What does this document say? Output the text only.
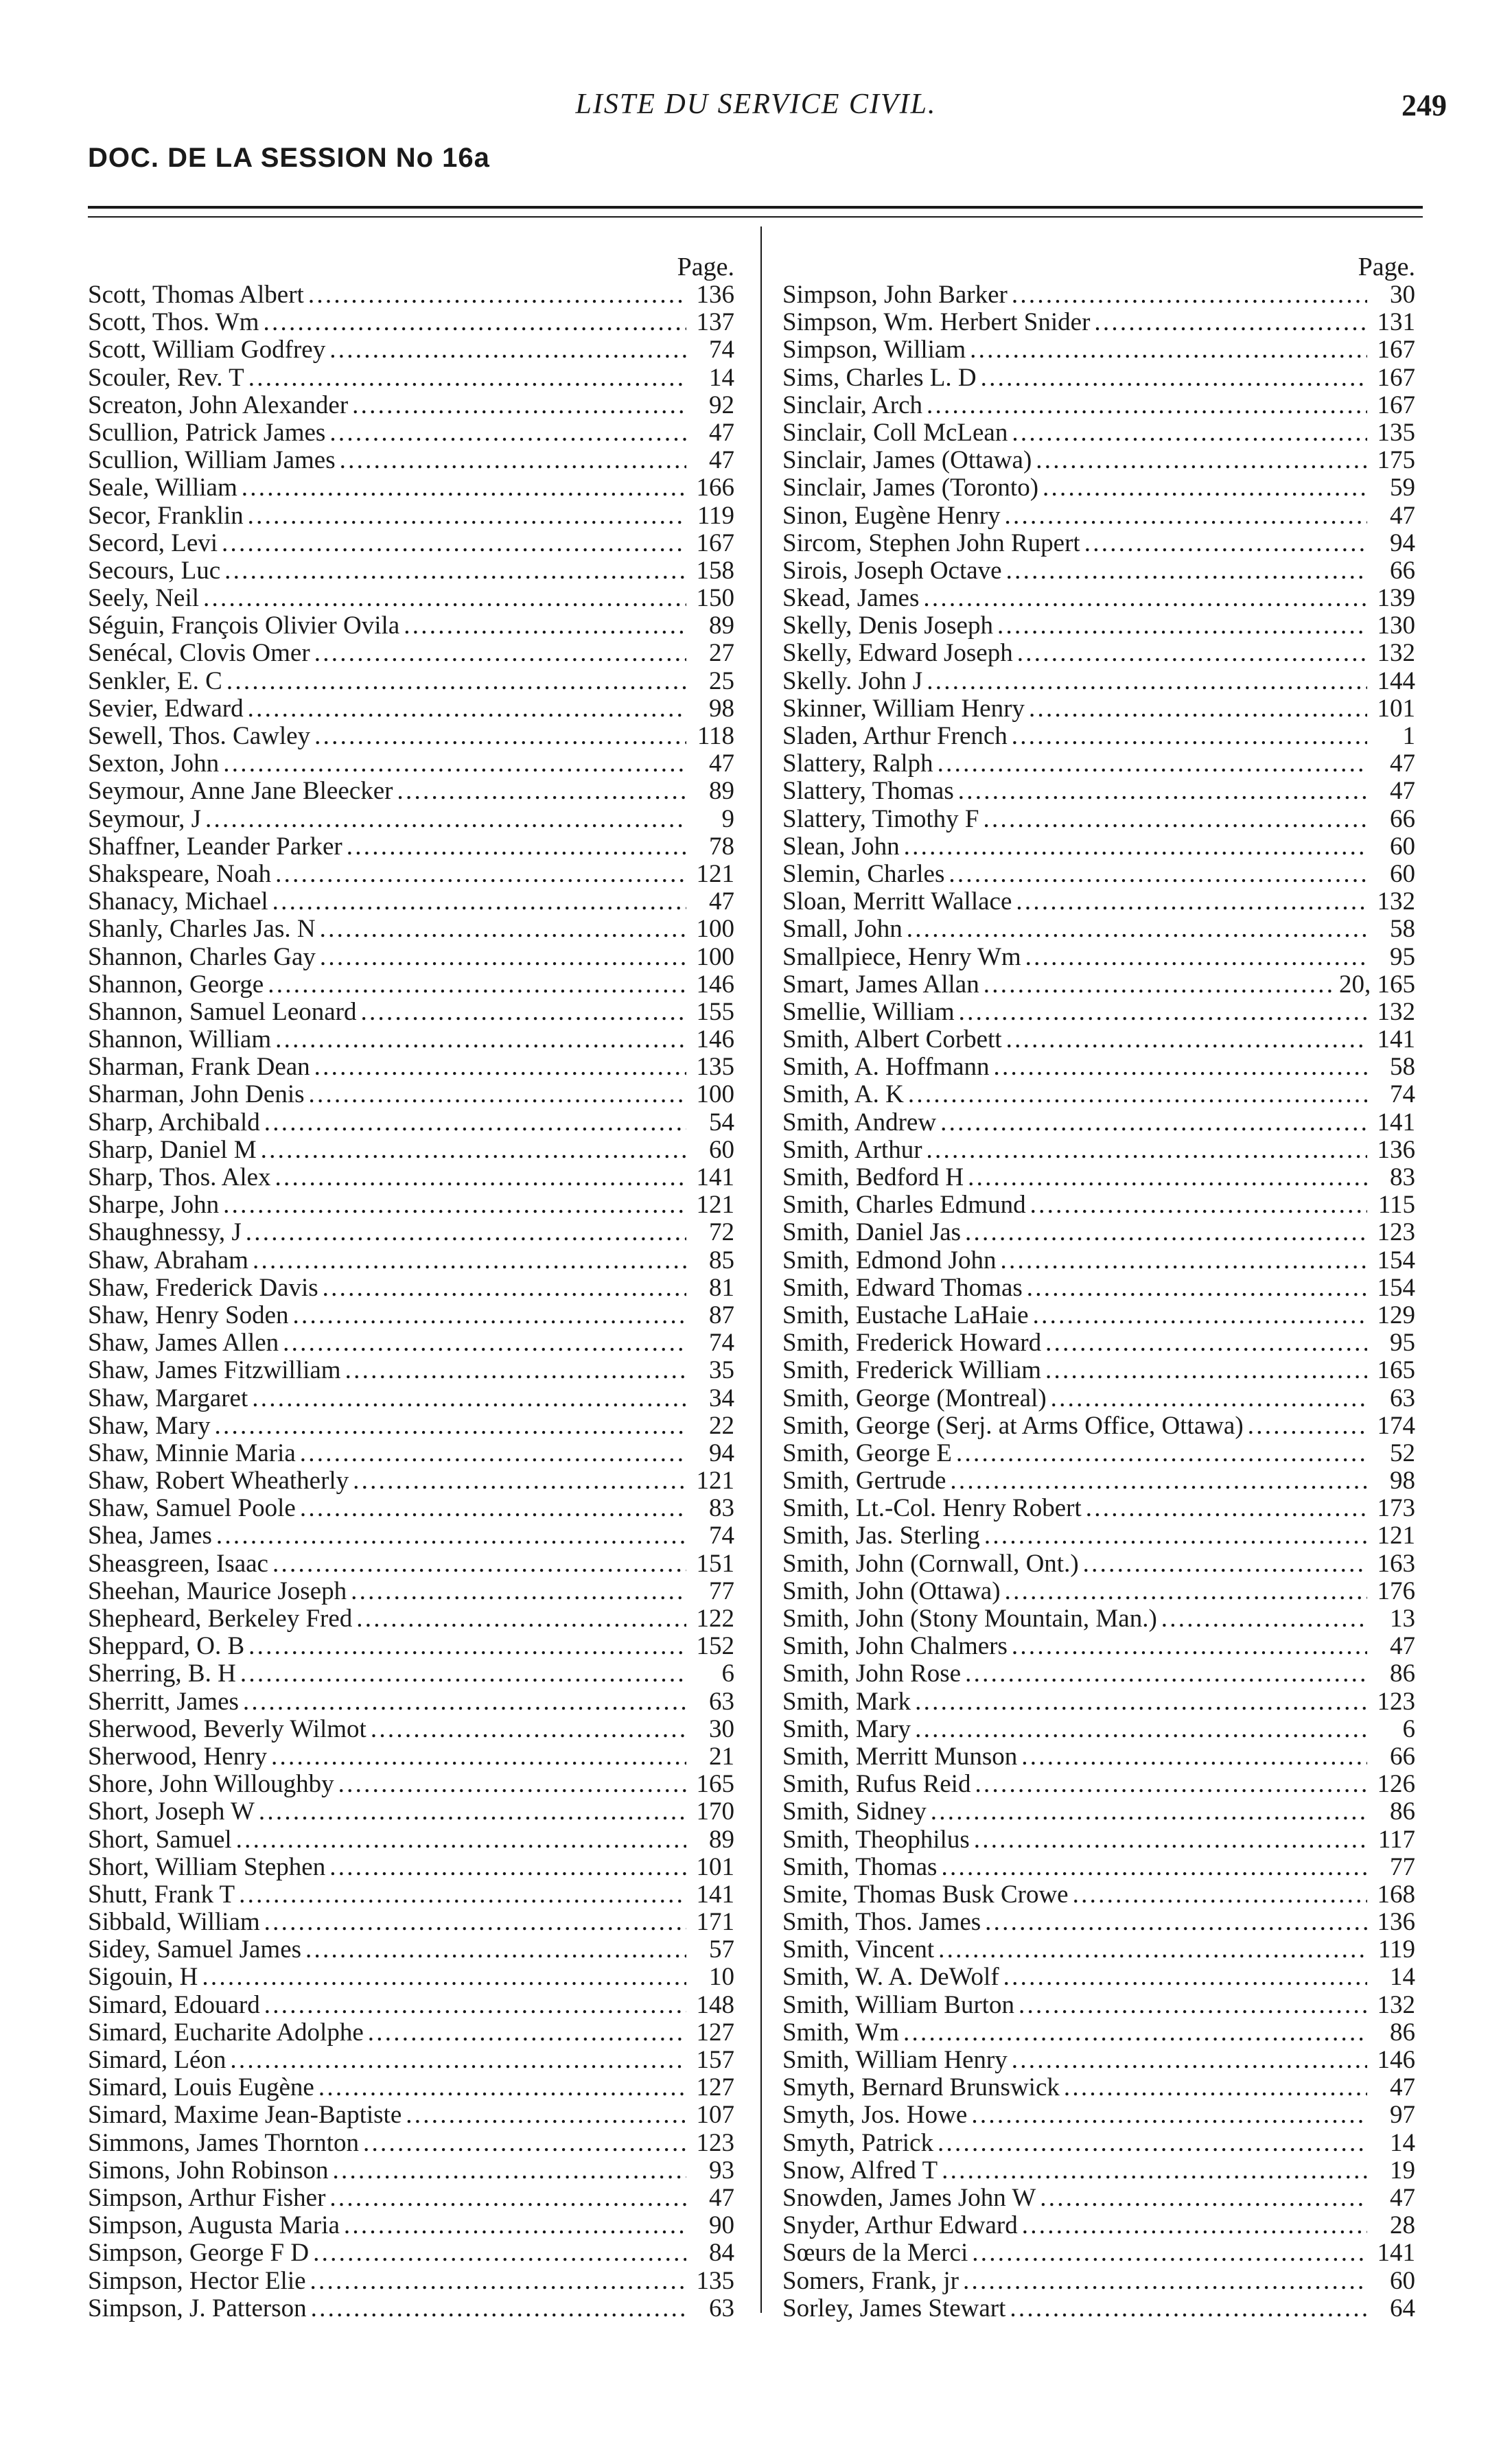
LISTE DU SERVICE CIVIL.	249
DOC. DE LA SESSION No 16a
Page.
Scott, Thomas Albert . . .	136
Scott, Thos. Wm . . .	137
Scott, William Godfrey . . .	74
Scouler, Rev. T . . .	14
Screaton, John Alexander . . .	92
Scullion, Patrick James . . .	47
Scullion, William James . . .	47
Seale, William . . .	166
Secor, Franklin . . .	119
Secord, Levi . . .	167
Secours, Luc . . .	158
Seely, Neil . . .	150
Séguin, François Olivier Ovila . . .	89
Senécal, Clovis Omer . . .	27
Senkler, E. C . . .	25
Sevier, Edward . . .	98
Sewell, Thos. Cawley . . .	118
Sexton, John . . .	47
Seymour, Anne Jane Bleecker . . .	89
Seymour, J . . .	9
Shaffner, Leander Parker . . .	78
Shakspeare, Noah . . .	121
Shanacy, Michael . . .	47
Shanly, Charles Jas. N . . .	100
Shannon, Charles Gay . . .	100
Shannon, George . . .	146
Shannon, Samuel Leonard . . .	155
Shannon, William . . .	146
Sharman, Frank Dean . . .	135
Sharman, John Denis . . .	100
Sharp, Archibald . . .	54
Sharp, Daniel M . . .	60
Sharp, Thos. Alex . . .	141
Sharpe, John . . .	121
Shaughnessy, J . . .	72
Shaw, Abraham . . .	85
Shaw, Frederick Davis . . .	81
Shaw, Henry Soden . . .	87
Shaw, James Allen . . .	74
Shaw, James Fitzwilliam . . .	35
Shaw, Margaret . . .	34
Shaw, Mary . . .	22
Shaw, Minnie Maria . . .	94
Shaw, Robert Wheatherly . . .	121
Shaw, Samuel Poole . . .	83
Shea, James . . .	74
Sheasgreen, Isaac . . .	151
Sheehan, Maurice Joseph . . .	77
Shepheard, Berkeley Fred . . .	122
Sheppard, O. B . . .	152
Sherring, B. H . . .	6
Sherritt, James . . .	63
Sherwood, Beverly Wilmot . . .	30
Sherwood, Henry . . .	21
Shore, John Willoughby . . .	165
Short, Joseph W . . .	170
Short, Samuel . . .	89
Short, William Stephen . . .	101
Shutt, Frank T . . .	141
Sibbald, William . . .	171
Sidey, Samuel James . . .	57
Sigouin, H . . .	10
Simard, Edouard . . .	148
Simard, Eucharite Adolphe . . .	127
Simard, Léon . . .	157
Simard, Louis Eugène . . .	127
Simard, Maxime Jean-Baptiste . . .	107
Simmons, James Thornton . . .	123
Simons, John Robinson . . .	93
Simpson, Arthur Fisher . . .	47
Simpson, Augusta Maria . . .	90
Simpson, George F D . . .	84
Simpson, Hector Elie . . .	135
Simpson, J. Patterson . . .	63
Page.
Simpson, John Barker . . .	30
Simpson, Wm. Herbert Snider . . .	131
Simpson, William . . .	167
Sims, Charles L. D . . .	167
Sinclair, Arch . . .	167
Sinclair, Coll McLean . . .	135
Sinclair, James (Ottawa) . . .	175
Sinclair, James (Toronto) . . .	59
Sinon, Eugène Henry . . .	47
Sircom, Stephen John Rupert . . .	94
Sirois, Joseph Octave . . .	66
Skead, James . . .	139
Skelly, Denis Joseph . . .	130
Skelly, Edward Joseph . . .	132
Skelly. John J . . .	144
Skinner, William Henry . . .	101
Sladen, Arthur French . . .	1
Slattery, Ralph . . .	47
Slattery, Thomas . . .	47
Slattery, Timothy F . . .	66
Slean, John . . .	60
Slemin, Charles . . .	60
Sloan, Merritt Wallace . . .	132
Small, John . . .	58
Smallpiece, Henry Wm . . .	95
Smart, James Allan . . .	20, 165
Smellie, William . . .	132
Smith, Albert Corbett . . .	141
Smith, A. Hoffmann . . .	58
Smith, A. K . . .	74
Smith, Andrew . . .	141
Smith, Arthur . . .	136
Smith, Bedford H . . .	83
Smith, Charles Edmund . . .	115
Smith, Daniel Jas . . .	123
Smith, Edmond John . . .	154
Smith, Edward Thomas . . .	154
Smith, Eustache LaHaie . . .	129
Smith, Frederick Howard . . .	95
Smith, Frederick William . . .	165
Smith, George (Montreal) . . .	63
Smith, George (Serj. at Arms Office, Ottawa) . . .	174
Smith, George E . . .	52
Smith, Gertrude . . .	98
Smith, Lt.-Col. Henry Robert . . .	173
Smith, Jas. Sterling . . .	121
Smith, John (Cornwall, Ont.) . . .	163
Smith, John (Ottawa) . . .	176
Smith, John (Stony Mountain, Man.) . . .	13
Smith, John Chalmers . . .	47
Smith, John Rose . . .	86
Smith, Mark . . .	123
Smith, Mary . . .	6
Smith, Merritt Munson . . .	66
Smith, Rufus Reid . . .	126
Smith, Sidney . . .	86
Smith, Theophilus . . .	117
Smith, Thomas . . .	77
Smite, Thomas Busk Crowe . . .	168
Smith, Thos. James . . .	136
Smith, Vincent . . .	119
Smith, W. A. DeWolf . . .	14
Smith, William Burton . . .	132
Smith, Wm . . .	86
Smith, William Henry . . .	146
Smyth, Bernard Brunswick . . .	47
Smyth, Jos. Howe . . .	97
Smyth, Patrick . . .	14
Snow, Alfred T . . .	19
Snowden, James John W . . .	47
Snyder, Arthur Edward . . .	28
Sœurs de la Merci . . .	141
Somers, Frank, jr . . .	60
Sorley, James Stewart . . .	64
